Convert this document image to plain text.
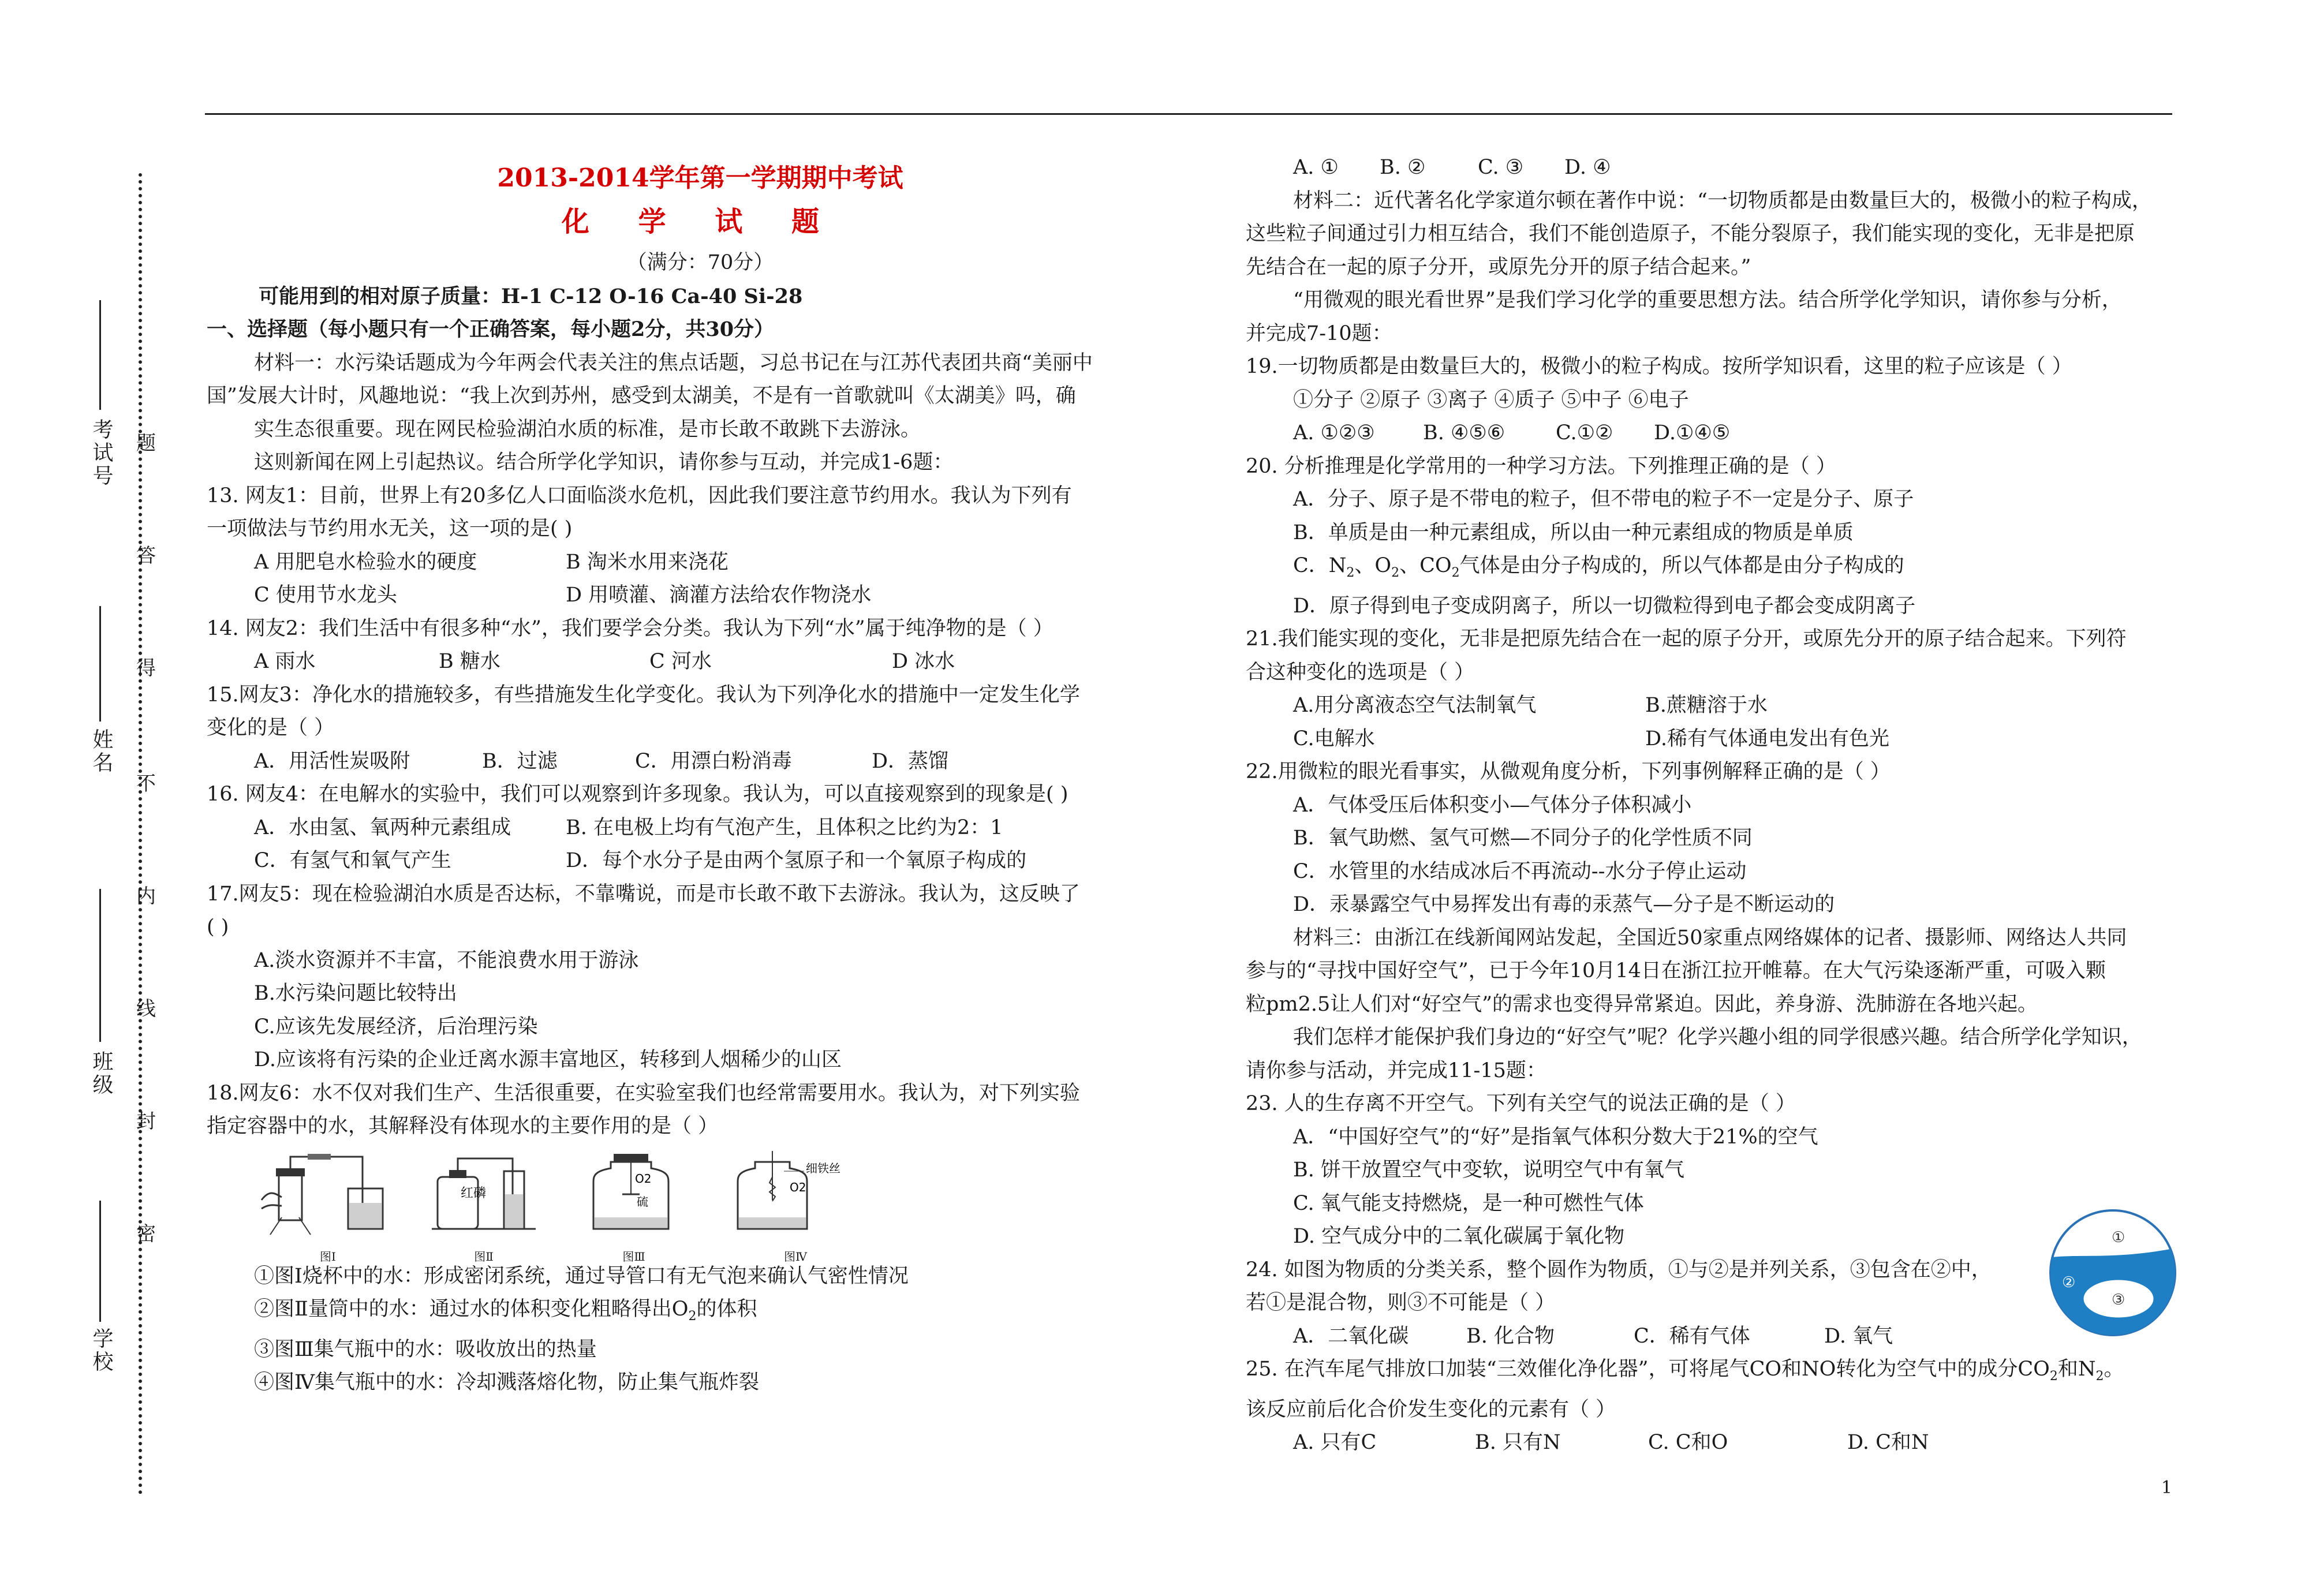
考试号
姓名
班级
学校
题
答
得
不
内
线
封
密
2013-2014学年第一学期期中考试
化 学 试 题
（满分：70分）
可能用到的相对原子质量：H-1 C-12 O-16 Ca-40 Si-28
一、选择题（每小题只有一个正确答案，每小题2分，共30分）
材料一：水污染话题成为今年两会代表关注的焦点话题，习总书记在与江苏代表团共商“美丽中
国”发展大计时，风趣地说：“我上次到苏州，感受到太湖美，不是有一首歌就叫《太湖美》吗，确
实生态很重要。现在网民检验湖泊水质的标准，是市长敢不敢跳下去游泳。
这则新闻在网上引起热议。结合所学化学知识，请你参与互动，并完成1-6题：
13. 网友1：目前，世界上有20多亿人口面临淡水危机，因此我们要注意节约用水。我认为下列有
一项做法与节约用水无关，这一项的是( )
A 用肥皂水检验水的硬度	B 淘米水用来浇花
C 使用节水龙头	D 用喷灌、滴灌方法给农作物浇水
14. 网友2：我们生活中有很多种“水”，我们要学会分类。我认为下列“水”属于纯净物的是（ ）
A 雨水	B 糖水	C 河水	D 冰水
15.网友3：净化水的措施较多，有些措施发生化学变化。我认为下列净化水的措施中一定发生化学
变化的是（ ）
A．用活性炭吸附	B．过滤	C．用漂白粉消毒	D．蒸馏
16. 网友4：在电解水的实验中，我们可以观察到许多现象。我认为，可以直接观察到的现象是( )
A．水由氢、氧两种元素组成	B. 在电极上均有气泡产生，且体积之比约为2：1
C．有氢气和氧气产生	D．每个水分子是由两个氢原子和一个氧原子构成的
17.网友5：现在检验湖泊水质是否达标，不靠嘴说，而是市长敢不敢下去游泳。我认为，这反映了
( )
A.淡水资源并不丰富，不能浪费水用于游泳
B.水污染问题比较特出
C.应该先发展经济，后治理污染
D.应该将有污染的企业迁离水源丰富地区，转移到人烟稀少的山区
18.网友6：水不仅对我们生产、生活很重要，在实验室我们也经常需要用水。我认为，对下列实验
指定容器中的水，其解释没有体现水的主要作用的是（ ）
图Ⅰ
红磷
图Ⅱ
O2
硫
图Ⅲ
细铁丝
O2
图Ⅳ
①图Ⅰ烧杯中的水：形成密闭系统，通过导管口有无气泡来确认气密性情况
②图Ⅱ量筒中的水：通过水的体积变化粗略得出$O_2$的体积
③图Ⅲ集气瓶中的水：吸收放出的热量
④图Ⅳ集气瓶中的水：冷却溅落熔化物，防止集气瓶炸裂
A. ①	B. ②	C. ③	D. ④
材料二：近代著名化学家道尔顿在著作中说：“一切物质都是由数量巨大的，极微小的粒子构成，
这些粒子间通过引力相互结合，我们不能创造原子，不能分裂原子，我们能实现的变化，无非是把原
先结合在一起的原子分开，或原先分开的原子结合起来。”
“用微观的眼光看世界”是我们学习化学的重要思想方法。结合所学化学知识，请你参与分析，
并完成7-10题：
19.一切物质都是由数量巨大的，极微小的粒子构成。按所学知识看，这里的粒子应该是（ ）
①分子 ②原子 ③离子 ④质子 ⑤中子 ⑥电子
A. ①②③	B. ④⑤⑥	C.①②	D.①④⑤
20. 分析推理是化学常用的一种学习方法。下列推理正确的是（ ）
A．分子、原子是不带电的粒子，但不带电的粒子不一定是分子、原子
B．单质是由一种元素组成，所以由一种元素组成的物质是单质
C．$N_2$、$O_2$、$CO_2$气体是由分子构成的，所以气体都是由分子构成的
D．原子得到电子变成阴离子，所以一切微粒得到电子都会变成阴离子
21.我们能实现的变化，无非是把原先结合在一起的原子分开，或原先分开的原子结合起来。下列符
合这种变化的选项是（ ）
A.用分离液态空气法制氧气	B.蔗糖溶于水
C.电解水	D.稀有气体通电发出有色光
22.用微粒的眼光看事实，从微观角度分析，下列事例解释正确的是（ ）
A．气体受压后体积变小—气体分子体积减小
B．氧气助燃、氢气可燃—不同分子的化学性质不同
C．水管里的水结成冰后不再流动--水分子停止运动
D．汞暴露空气中易挥发出有毒的汞蒸气—分子是不断运动的
材料三：由浙江在线新闻网站发起，全国近50家重点网络媒体的记者、摄影师、网络达人共同
参与的“寻找中国好空气”，已于今年10月14日在浙江拉开帷幕。在大气污染逐渐严重，可吸入颗
粒pm2.5让人们对“好空气”的需求也变得异常紧迫。因此，养身游、洗肺游在各地兴起。
我们怎样才能保护我们身边的“好空气”呢？化学兴趣小组的同学很感兴趣。结合所学化学知识，
请你参与活动，并完成11-15题：
23. 人的生存离不开空气。下列有关空气的说法正确的是（ ）
A．“中国好空气”的“好”是指氧气体积分数大于21%的空气
B. 饼干放置空气中变软，说明空气中有氧气
C. 氧气能支持燃烧，是一种可燃性气体
D. 空气成分中的二氧化碳属于氧化物
24. 如图为物质的分类关系，整个圆作为物质，①与②是并列关系，③包含在②中，
若①是混合物，则③不可能是（ ）
A．二氧化碳	B. 化合物	C．稀有气体	D. 氧气
25. 在汽车尾气排放口加装“三效催化净化器”，可将尾气CO和NO转化为空气中的成分$CO_2$和$N_2$。
该反应前后化合价发生变化的元素有（ ）
A. 只有C	B. 只有N	C. C和O	D. C和N
①
②
③
1
